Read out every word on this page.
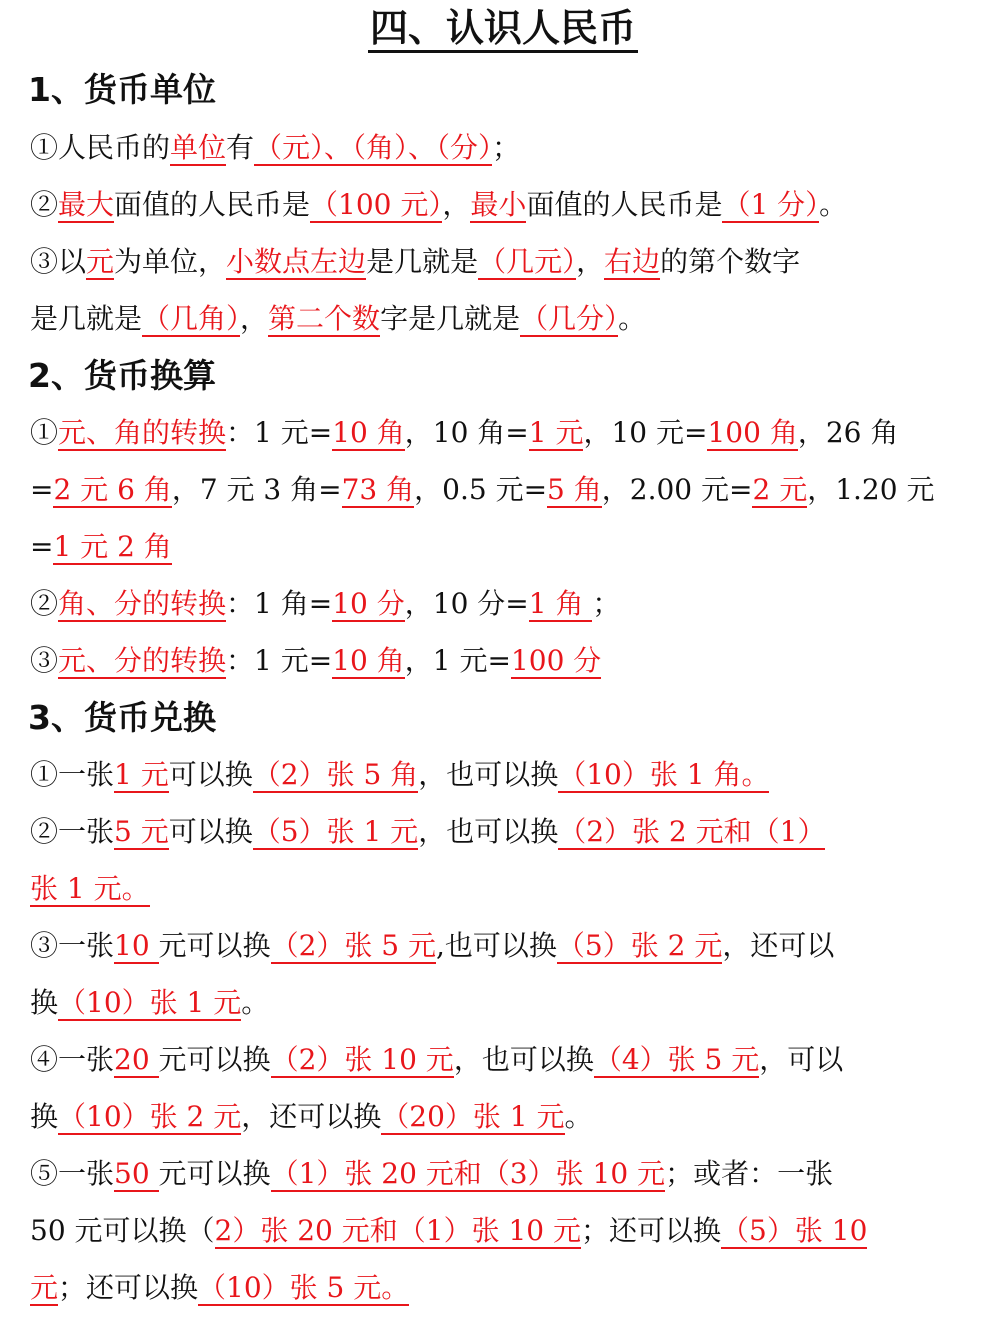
四、认识人民币
1、货币单位
①人民币的单位有（元）、（角）、（分）；
②最大面值的人民币是（100 元），最小面值的人民币是（1 分）。
③以元为单位，小数点左边是几就是（几元），右边的第个数字
是几就是（几角），第二个数字是几就是（几分）。
2、货币换算
①元、角的转换：1 元=10 角，10 角=1 元，10 元=100 角，26 角
=2 元 6 角，7 元 3 角=73 角，0.5 元=5 角，2.00 元=2 元，1.20 元
=1 元 2 角
②角、分的转换：1 角=10 分，10 分=1 角 ；
③元、分的转换：1 元=10 角，1 元=100 分
3、货币兑换
①一张1 元可以换（2）张 5 角，也可以换（10）张 1 角。
②一张5 元可以换（5）张 1 元，也可以换（2）张 2 元和（1）
张 1 元。
③一张10 元可以换（2）张 5 元,也可以换（5）张 2 元，还可以
换（10）张 1 元。
④一张20 元可以换（2）张 10 元，也可以换（4）张 5 元，可以
换（10）张 2 元，还可以换（20）张 1 元。
⑤一张50 元可以换（1）张 20 元和（3）张 10 元；或者：一张
50 元可以换（2）张 20 元和（1）张 10 元；还可以换（5）张 10
元；还可以换（10）张 5 元。
